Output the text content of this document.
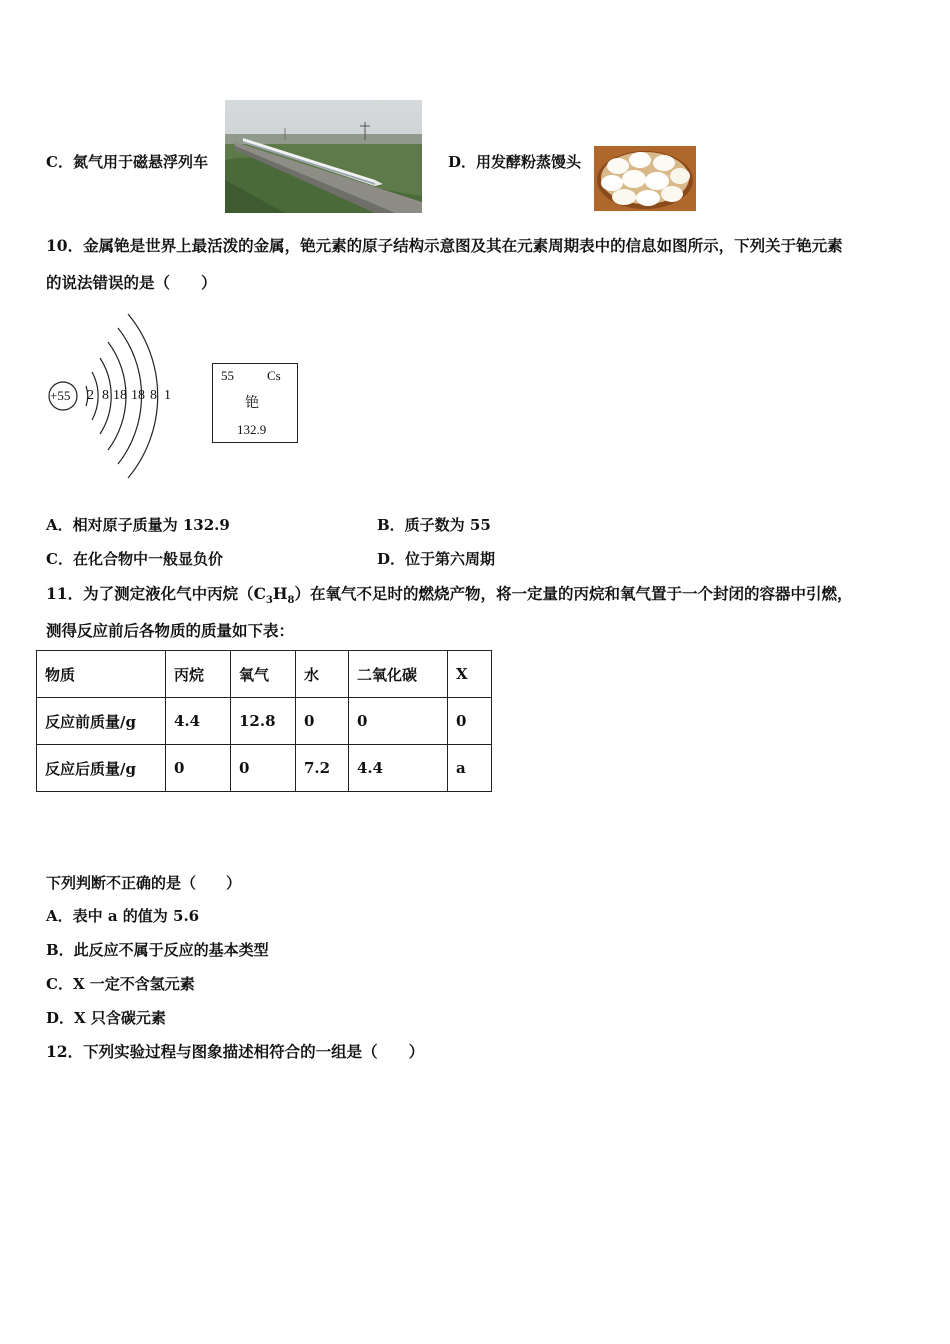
C．氮气用于磁悬浮列车	D．用发酵粉蒸馒头
10．金属铯是世界上最活泼的金属，铯元素的原子结构示意图及其在元素周期表中的信息如图所示，下列关于铯元素
的说法错误的是（　　）
+55 2 8 18 18 8 1
55	Cs
铯
132.9
A．相对原子质量为 132.9	B．质子数为 55
C．在化合物中一般显负价	D．位于第六周期
11．为了测定液化气中丙烷$(C_3H_8)$在氧气不足时的燃烧产物，将一定量的丙烷和氧气置于一个封闭的容器中引燃，
测得反应前后各物质的质量如下表：
物质	丙烷	氧气	水	二氧化碳	X
反应前质量/g	4.4	12.8	0	0	0
反应后质量/g	0	0	7.2	4.4	a
下列判断不正确的是（　　）
A．表中 a 的值为 5.6
B．此反应不属于反应的基本类型
C．X 一定不含氢元素
D．X 只含碳元素
12．下列实验过程与图象描述相符合的一组是（　　）
